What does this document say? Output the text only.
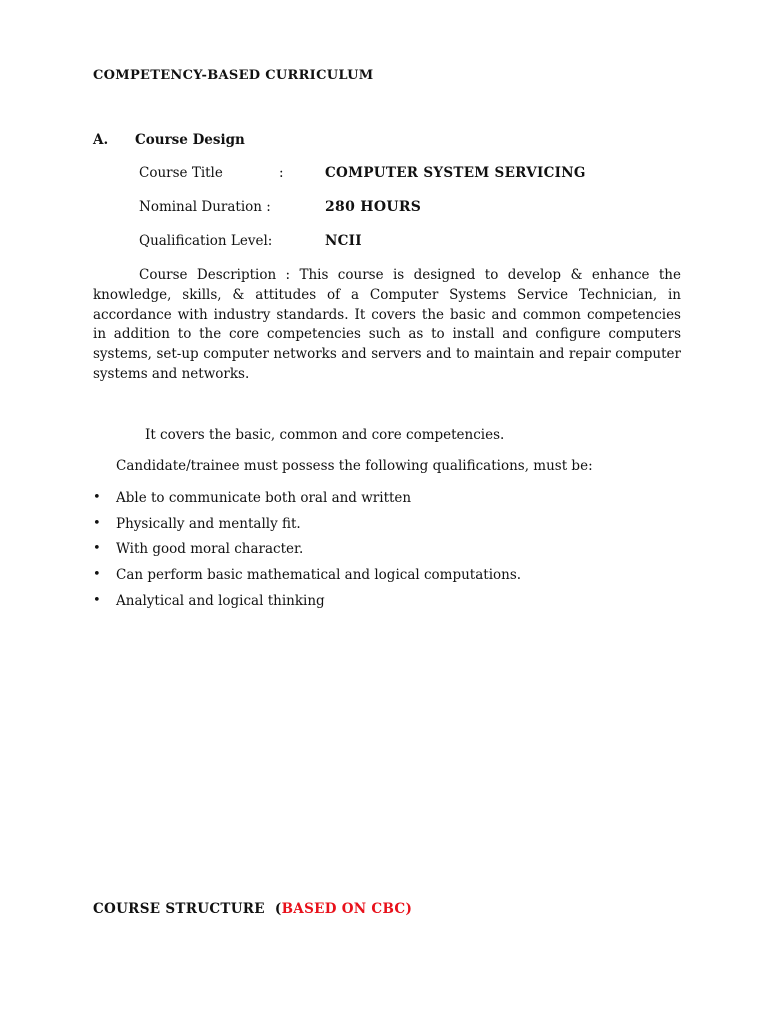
COMPETENCY-BASED CURRICULUM
A. Course Design
Course Title	:	COMPUTER SYSTEM SERVICING
Nominal Duration :	280 HOURS
Qualification Level:	NCII
Course Description : This course is designed to develop & enhance the knowledge, skills, & attitudes of a Computer Systems Service Technician, in accordance with industry standards. It covers the basic and common competencies in addition to the core competencies such as to install and configure computers systems, set-up computer networks and servers and to maintain and repair computer systems and networks.
It covers the basic, common and core competencies.
Candidate/trainee must possess the following qualifications, must be:
• Able to communicate both oral and written
• Physically and mentally fit.
• With good moral character.
• Can perform basic mathematical and logical computations.
• Analytical and logical thinking
COURSE STRUCTURE (BASED ON CBC)
